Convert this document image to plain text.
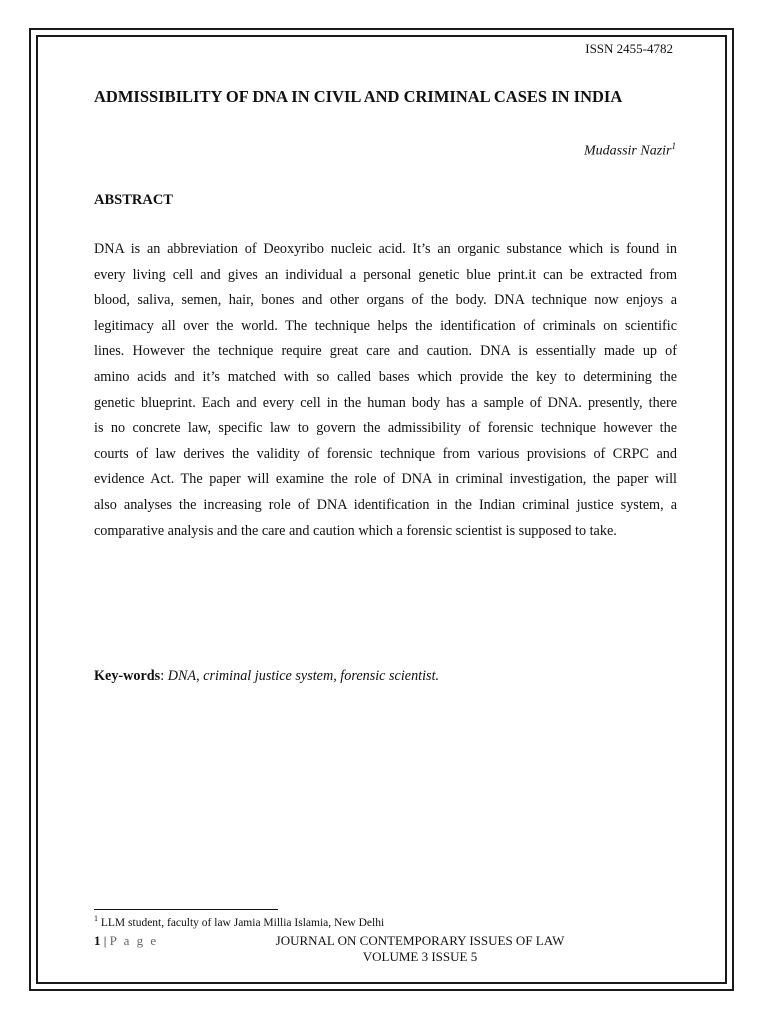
ISSN 2455-4782
ADMISSIBILITY OF DNA IN CIVIL AND CRIMINAL CASES IN INDIA
Mudassir Nazir$^1$
ABSTRACT
DNA is an abbreviation of Deoxyribo nucleic acid. It’s an organic substance which is found in
every living cell and gives an individual a personal genetic blue print.it can be extracted from
blood, saliva, semen, hair, bones and other organs of the body. DNA technique now enjoys a
legitimacy all over the world. The technique helps the identification of criminals on scientific
lines. However the technique require great care and caution. DNA is essentially made up of
amino acids and it’s matched with so called bases which provide the key to determining the
genetic blueprint. Each and every cell in the human body has a sample of DNA. presently, there
is no concrete law, specific law to govern the admissibility of forensic technique however the
courts of law derives the validity of forensic technique from various provisions of CRPC and
evidence Act. The paper will examine the role of DNA in criminal investigation, the paper will
also analyses the increasing role of DNA identification in the Indian criminal justice system, a
comparative analysis and the care and caution which a forensic scientist is supposed to take.
Key-words: DNA, criminal justice system, forensic scientist.
$^1$ LLM student, faculty of law Jamia Millia Islamia, New Delhi
1 | P a g e	JOURNAL ON CONTEMPORARY ISSUES OF LAW
VOLUME 3 ISSUE 5
